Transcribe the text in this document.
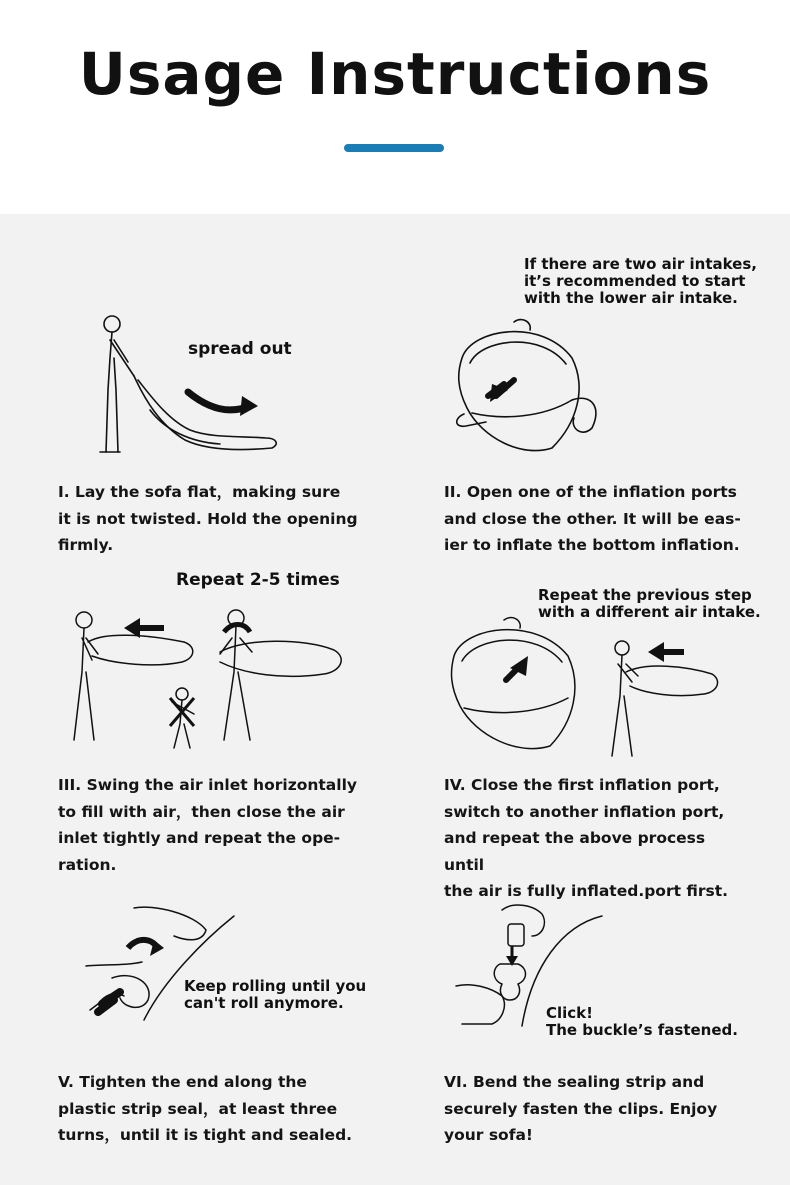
Usage Instructions
spread out
I. Lay the sofa flat，making sure
it is not twisted. Hold the opening
firmly.
If there are two air intakes,
it’s recommended to start
with the lower air intake.
II. Open one of the inflation ports
and close the other. It will be eas-
ier to inflate the bottom inflation.
Repeat 2-5 times
III. Swing the air inlet horizontally
to fill with air，then close the air
inlet tightly and repeat the ope-
ration.
Repeat the previous step
with a different air intake.
IV. Close the first inflation port,
switch to another inflation port,
and repeat the above process until
the air is fully inflated.port first.
Keep rolling until you
can't roll anymore.
V. Tighten the end along the
plastic strip seal，at least three
turns，until it is tight and sealed.
Click!
The buckle’s fastened.
VI. Bend the sealing strip and
securely fasten the clips. Enjoy
your sofa!
